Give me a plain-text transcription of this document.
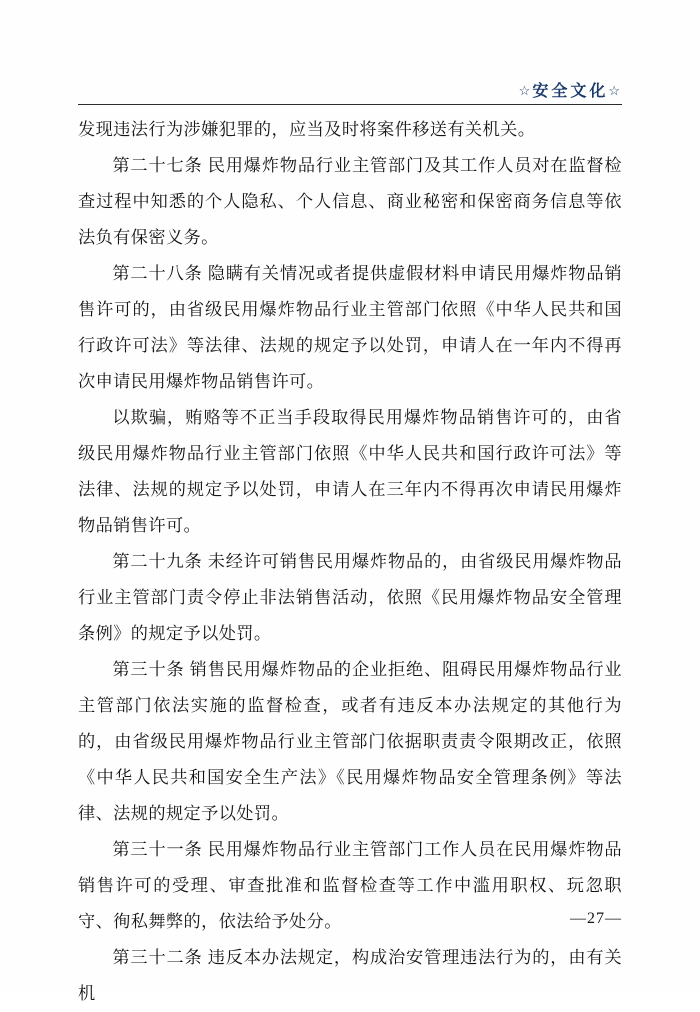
☆安全文化☆

发现违法行为涉嫌犯罪的，应当及时将案件移送有关机关。

第二十七条 民用爆炸物品行业主管部门及其工作人员对在监督检查过程中知悉的个人隐私、个人信息、商业秘密和保密商务信息等依法负有保密义务。

第二十八条 隐瞒有关情况或者提供虚假材料申请民用爆炸物品销售许可的，由省级民用爆炸物品行业主管部门依照《中华人民共和国行政许可法》等法律、法规的规定予以处罚，申请人在一年内不得再次申请民用爆炸物品销售许可。

以欺骗，贿赂等不正当手段取得民用爆炸物品销售许可的，由省级民用爆炸物品行业主管部门依照《中华人民共和国行政许可法》等法律、法规的规定予以处罚，申请人在三年内不得再次申请民用爆炸物品销售许可。

第二十九条 未经许可销售民用爆炸物品的，由省级民用爆炸物品行业主管部门责令停止非法销售活动，依照《民用爆炸物品安全管理条例》的规定予以处罚。

第三十条 销售民用爆炸物品的企业拒绝、阻碍民用爆炸物品行业主管部门依法实施的监督检查，或者有违反本办法规定的其他行为的，由省级民用爆炸物品行业主管部门依据职责责令限期改正，依照《中华人民共和国安全生产法》《民用爆炸物品安全管理条例》等法律、法规的规定予以处罚。

第三十一条 民用爆炸物品行业主管部门工作人员在民用爆炸物品销售许可的受理、审查批准和监督检查等工作中滥用职权、玩忽职守、徇私舞弊的，依法给予处分。

第三十二条 违反本办法规定，构成治安管理违法行为的，由有关机

—27—
